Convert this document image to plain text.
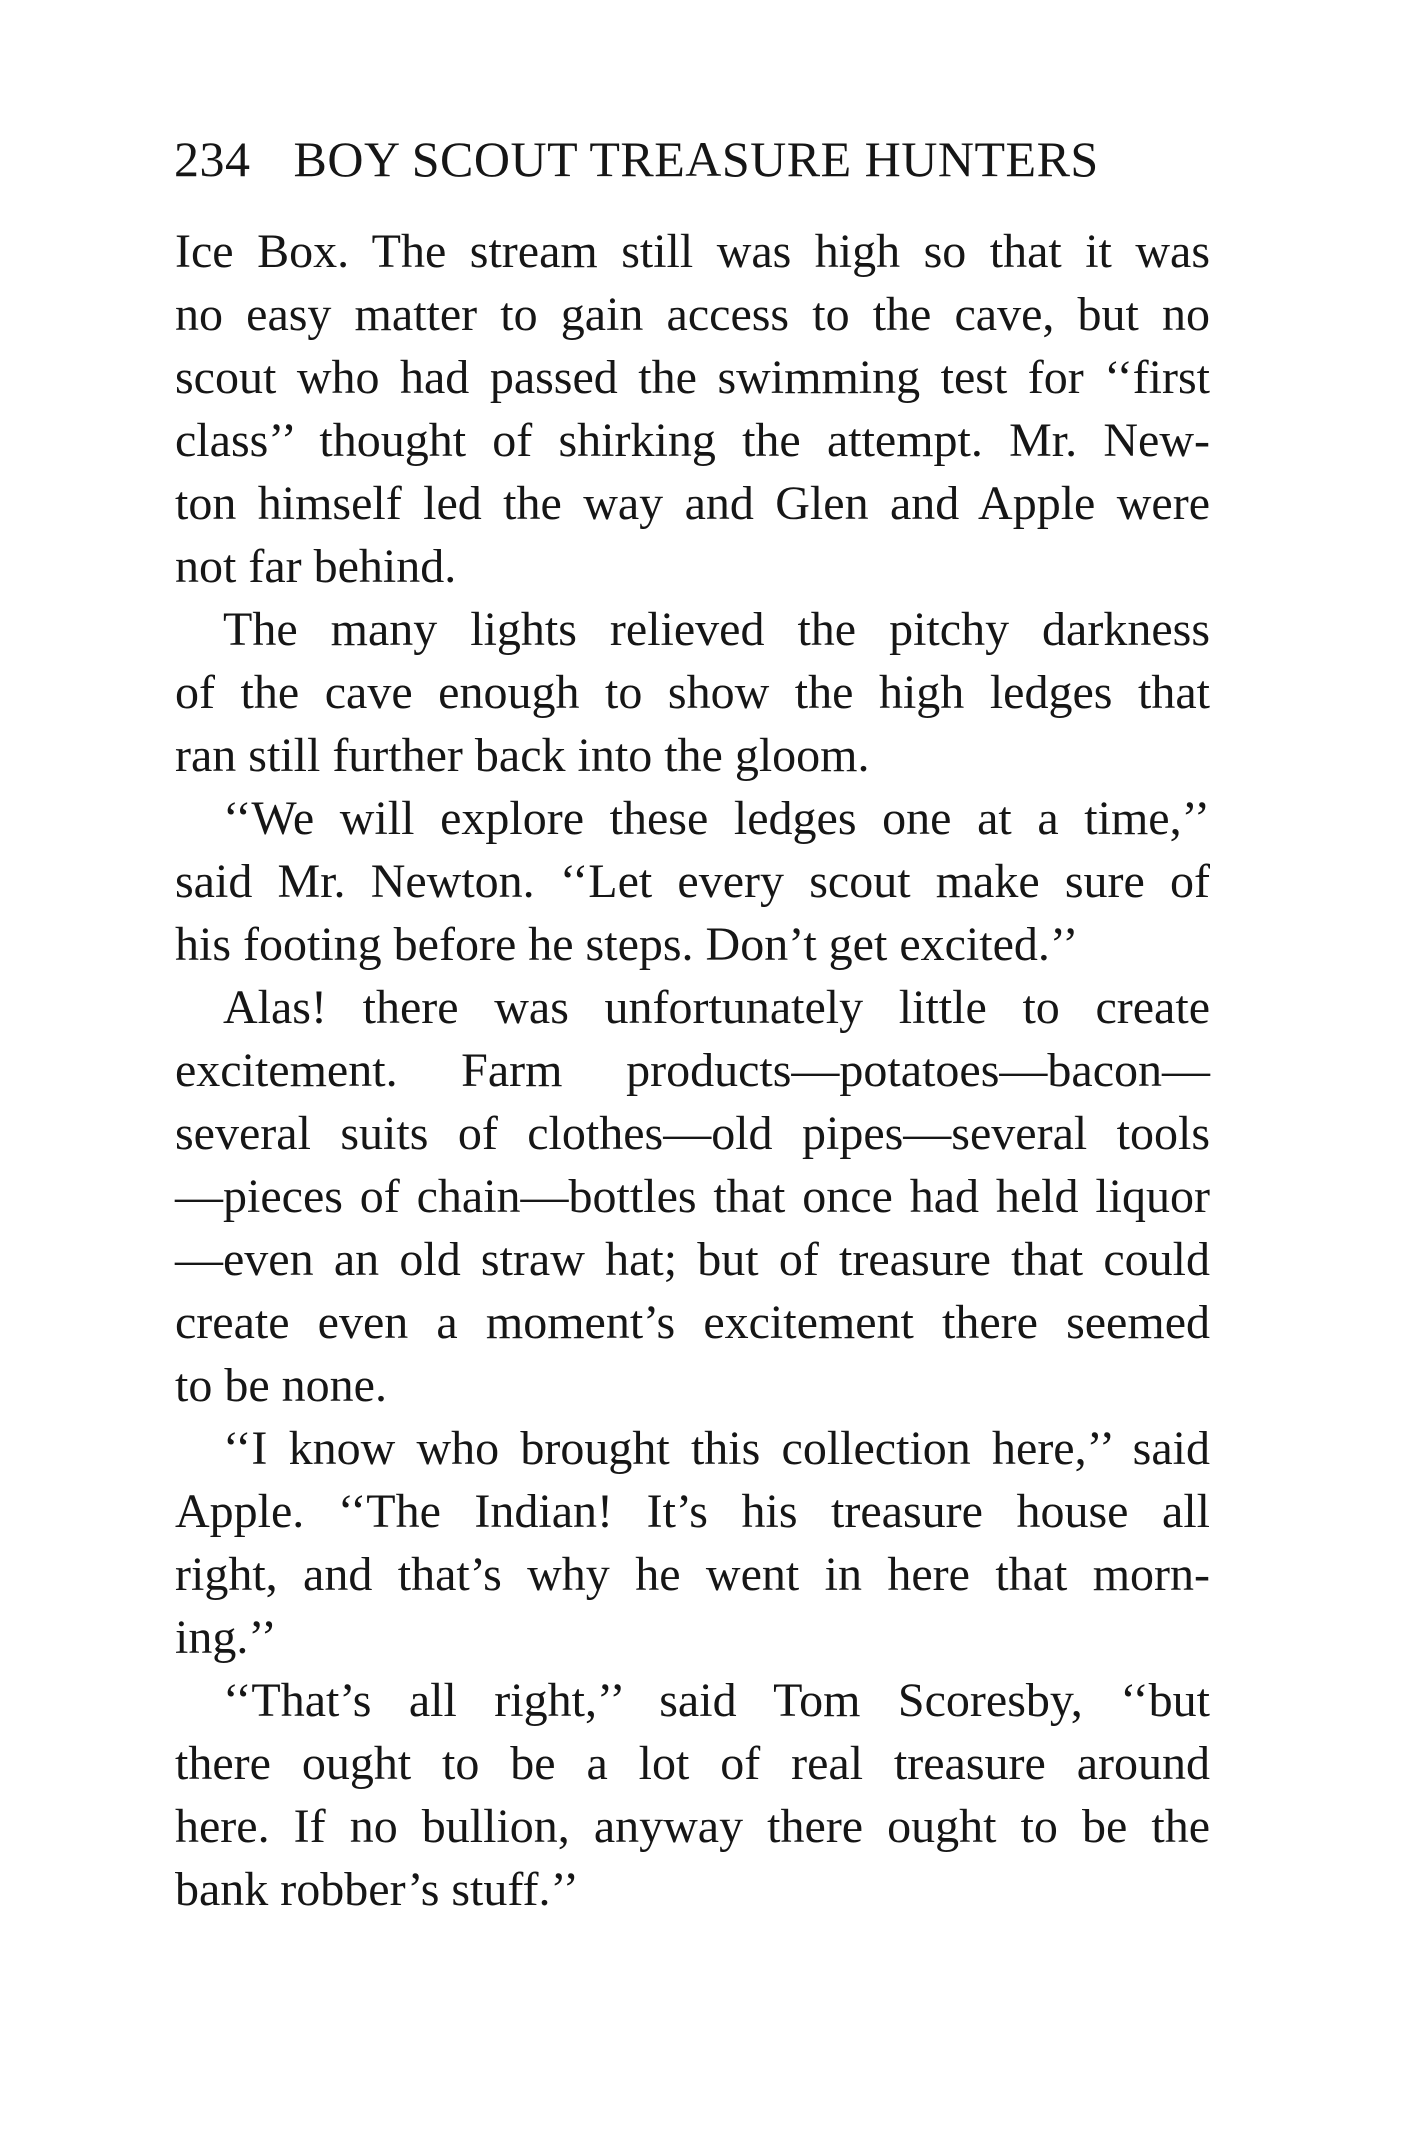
234 BOY SCOUT TREASURE HUNTERS
Ice Box. The stream still was high so that it was
no easy matter to gain access to the cave, but no
scout who had passed the swimming test for ‘‘first
class’’ thought of shirking the attempt. Mr. New-
ton himself led the way and Glen and Apple were
not far behind.
The many lights relieved the pitchy darkness
of the cave enough to show the high ledges that
ran still further back into the gloom.
‘‘We will explore these ledges one at a time,’’
said Mr. Newton. ‘‘Let every scout make sure of
his footing before he steps. Don’t get excited.’’
Alas! there was unfortunately little to create
excitement. Farm products—potatoes—bacon—
several suits of clothes—old pipes—several tools
—pieces of chain—bottles that once had held liquor
—even an old straw hat; but of treasure that could
create even a moment’s excitement there seemed
to be none.
‘‘I know who brought this collection here,’’ said
Apple. ‘‘The Indian! It’s his treasure house all
right, and that’s why he went in here that morn-
ing.’’
‘‘That’s all right,’’ said Tom Scoresby, ‘‘but
there ought to be a lot of real treasure around
here. If no bullion, anyway there ought to be the
bank robber’s stuff.’’
